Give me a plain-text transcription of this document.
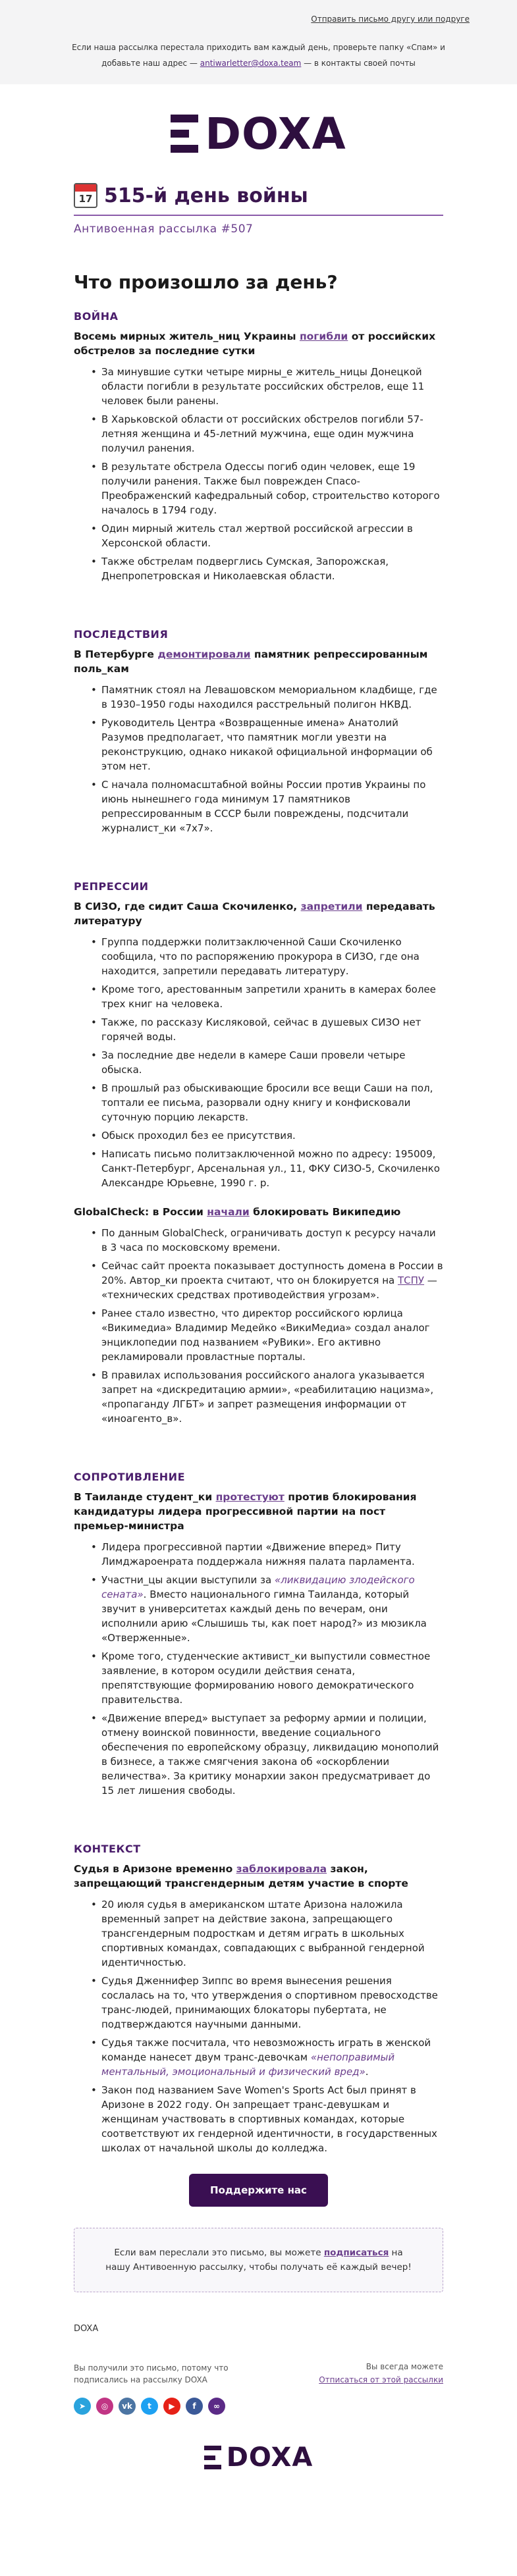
Отправить письмо другу или подруге
Если наша рассылка перестала приходить вам каждый день, проверьте папку «Спам» и добавьте наш адрес — antiwarletter@doxa.team — в контакты своей почты
DOXA
17 515-й день войны
Антивоенная рассылка #507
Что произошло за день?
ВОЙНА
Восемь мирных житель_ниц Украины погибли от российских обстрелов за последние сутки
• За минувшие сутки четыре мирны_е житель_ницы Донецкой области погибли в результате российских обстрелов, еще 11 человек были ранены.
• В Харьковской области от российских обстрелов погибли 57-летняя женщина и 45-летний мужчина, еще один мужчина получил ранения.
• В результате обстрела Одессы погиб один человек, еще 19 получили ранения. Также был поврежден Спасо-Преображенский кафедральный собор, строительство которого началось в 1794 году.
• Один мирный житель стал жертвой российской агрессии в Херсонской области.
• Также обстрелам подверглись Сумская, Запорожская, Днепропетровская и Николаевская области.
ПОСЛЕДСТВИЯ
В Петербурге демонтировали памятник репрессированным поль_кам
• Памятник стоял на Левашовском мемориальном кладбище, где в 1930–1950 годы находился расстрельный полигон НКВД.
• Руководитель Центра «Возвращенные имена» Анатолий Разумов предполагает, что памятник могли увезти на реконструкцию, однако никакой официальной информации об этом нет.
• С начала полномасштабной войны России против Украины по июнь нынешнего года минимум 17 памятников репрессированным в СССР были повреждены, подсчитали журналист_ки «7x7».
РЕПРЕССИИ
В СИЗО, где сидит Саша Скочиленко, запретили передавать литературу
• Группа поддержки политзаключенной Саши Скочиленко сообщила, что по распоряжению прокурора в СИЗО, где она находится, запретили передавать литературу.
• Кроме того, арестованным запретили хранить в камерах более трех книг на человека.
• Также, по рассказу Кисляковой, сейчас в душевых СИЗО нет горячей воды.
• За последние две недели в камере Саши провели четыре обыска.
• В прошлый раз обыскивающие бросили все вещи Саши на пол, топтали ее письма, разорвали одну книгу и конфисковали суточную порцию лекарств.
• Обыск проходил без ее присутствия.
• Написать письмо политзаключенной можно по адресу: 195009, Санкт-Петербург, Арсенальная ул., 11, ФКУ СИЗО-5, Скочиленко Александре Юрьевне, 1990 г. р.
GlobalCheck: в России начали блокировать Википедию
• По данным GlobalCheck, ограничивать доступ к ресурсу начали в 3 часа по московскому времени.
• Сейчас сайт проекта показывает доступность домена в России в 20%. Автор_ки проекта считают, что он блокируется на ТСПУ — «технических средствах противодействия угрозам».
• Ранее стало известно, что директор российского юрлица «Викимедиа» Владимир Медейко «ВикиМедиа» создал аналог энциклопедии под названием «РуВики». Его активно рекламировали провластные порталы.
• В правилах использования российского аналога указывается запрет на «дискредитацию армии», «реабилитацию нацизма», «пропаганду ЛГБТ» и запрет размещения информации от «иноагенто_в».
СОПРОТИВЛЕНИЕ
В Таиланде студент_ки протестуют против блокирования кандидатуры лидера прогрессивной партии на пост премьер-министра
• Лидера прогрессивной партии «Движение вперед» Питу Лимджароенрата поддержала нижняя палата парламента.
• Участни_цы акции выступили за «ликвидацию злодейского сената». Вместо национального гимна Таиланда, который звучит в университетах каждый день по вечерам, они исполнили арию «Слышишь ты, как поет народ?» из мюзикла «Отверженные».
• Кроме того, студенческие активист_ки выпустили совместное заявление, в котором осудили действия сената, препятствующие формированию нового демократического правительства.
• «Движение вперед» выступает за реформу армии и полиции, отмену воинской повинности, введение социального обеспечения по европейскому образцу, ликвидацию монополий в бизнесе, а также смягчения закона об «оскорблении величества». За критику монархии закон предусматривает до 15 лет лишения свободы.
КОНТЕКСТ
Судья в Аризоне временно заблокировала закон, запрещающий трансгендерным детям участие в спорте
• 20 июля судья в американском штате Аризона наложила временный запрет на действие закона, запрещающего трансгендерным подросткам и детям играть в школьных спортивных командах, совпадающих с выбранной гендерной идентичностью.
• Судья Дженнифер Зиппс во время вынесения решения сослалась на то, что утверждения о спортивном превосходстве транс-людей, принимающих блокаторы пубертата, не подтверждаются научными данными.
• Судья также посчитала, что невозможность играть в женской команде нанесет двум транс-девочкам «непоправимый ментальный, эмоциональный и физический вред».
• Закон под названием Save Women's Sports Act был принят в Аризоне в 2022 году. Он запрещает транс-девушкам и женщинам участвовать в спортивных командах, которые соответствуют их гендерной идентичности, в государственных школах от начальной школы до колледжа.
Поддержите нас
Если вам переслали это письмо, вы можете подписаться на нашу Антивоенную рассылку, чтобы получать её каждый вечер!
DOXA
Вы получили это письмо, потому что подписались на рассылку DOXA
Вы всегда можете
Отписаться от этой рассылки
➤	◎	vk	t	▶	f	∞
DOXA
